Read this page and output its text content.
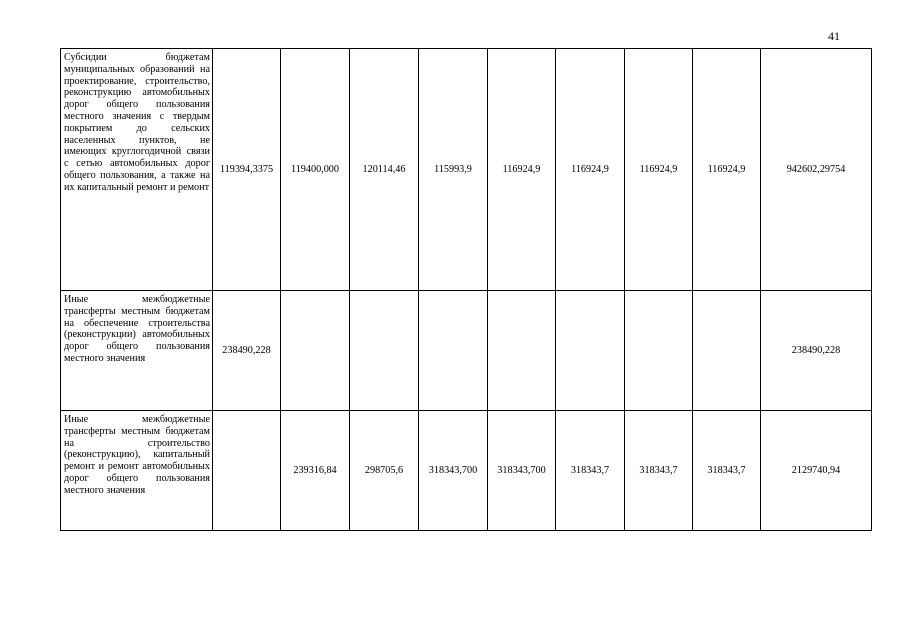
41
Субсидии бюджетам муниципальных образований на проектирование, строительство, реконструкцию автомобильных дорог общего пользования местного значения с твердым покрытием до сельских населенных пунктов, не имеющих круглогодичной связи с сетью автомобильных дорог общего пользования, а также на их капитальный ремонт и ремонт	119394,3375	119400,000	120114,46	115993,9	116924,9	116924,9	116924,9	116924,9	942602,29754
Иные межбюджетные трансферты местным бюджетам на обеспечение строительства (реконструкции) автомобильных дорог общего пользования местного значения	238490,228								238490,228
Иные межбюджетные трансферты местным бюджетам на строительство (реконструкцию), капитальный ремонт и ремонт автомобильных дорог общего пользования местного значения		239316,84	298705,6	318343,700	318343,700	318343,7	318343,7	318343,7	2129740,94
